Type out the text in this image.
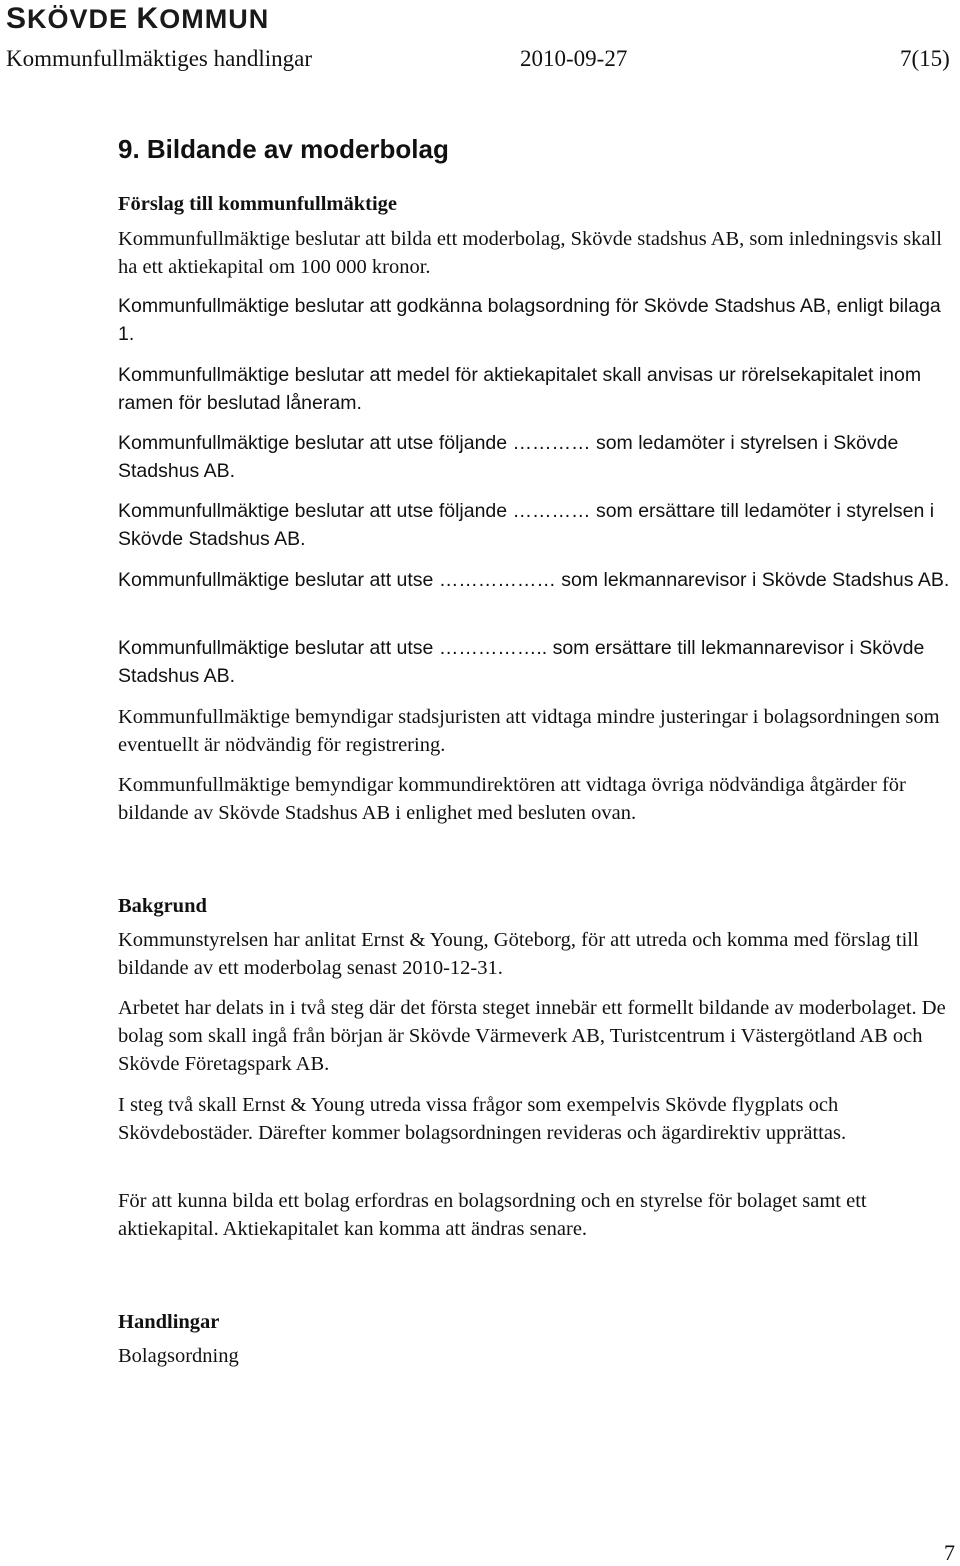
SKÖVDE KOMMUN
Kommunfullmäktiges handlingar	2010-09-27	7(15)
9. Bildande av moderbolag

Förslag till kommunfullmäktige

Kommunfullmäktige beslutar att bilda ett moderbolag, Skövde stadshus AB, som inledningsvis skall ha ett aktiekapital om 100 000 kronor.

Kommunfullmäktige beslutar att godkänna bolagsordning för Skövde Stadshus AB, enligt bilaga 1.

Kommunfullmäktige beslutar att medel för aktiekapitalet skall anvisas ur rörelsekapitalet inom ramen för beslutad låneram.

Kommunfullmäktige beslutar att utse följande ………… som ledamöter i styrelsen i Skövde Stadshus AB.

Kommunfullmäktige beslutar att utse följande ………… som ersättare till ledamöter i styrelsen i Skövde Stadshus AB.

Kommunfullmäktige beslutar att utse ……………… som lekmannarevisor i Skövde Stadshus AB.

Kommunfullmäktige beslutar att utse …………….. som ersättare till lekmannarevisor i Skövde Stadshus AB.

Kommunfullmäktige bemyndigar stadsjuristen att vidtaga mindre justeringar i bolagsordningen som eventuellt är nödvändig för registrering.

Kommunfullmäktige bemyndigar kommundirektören att vidtaga övriga nödvändiga åtgärder för bildande av Skövde Stadshus AB i enlighet med besluten ovan.

Bakgrund

Kommunstyrelsen har anlitat Ernst & Young, Göteborg, för att utreda och komma med förslag till bildande av ett moderbolag senast 2010-12-31.

Arbetet har delats in i två steg där det första steget innebär ett formellt bildande av moderbolaget. De bolag som skall ingå från början är Skövde Värmeverk AB, Turistcentrum i Västergötland AB och Skövde Företagspark AB.

I steg två skall Ernst & Young utreda vissa frågor som exempelvis Skövde flygplats och Skövdebostäder. Därefter kommer bolagsordningen revideras och ägardirektiv upprättas.

För att kunna bilda ett bolag erfordras en bolagsordning och en styrelse för bolaget samt ett aktiekapital. Aktiekapitalet kan komma att ändras senare.

Handlingar

Bolagsordning

7
